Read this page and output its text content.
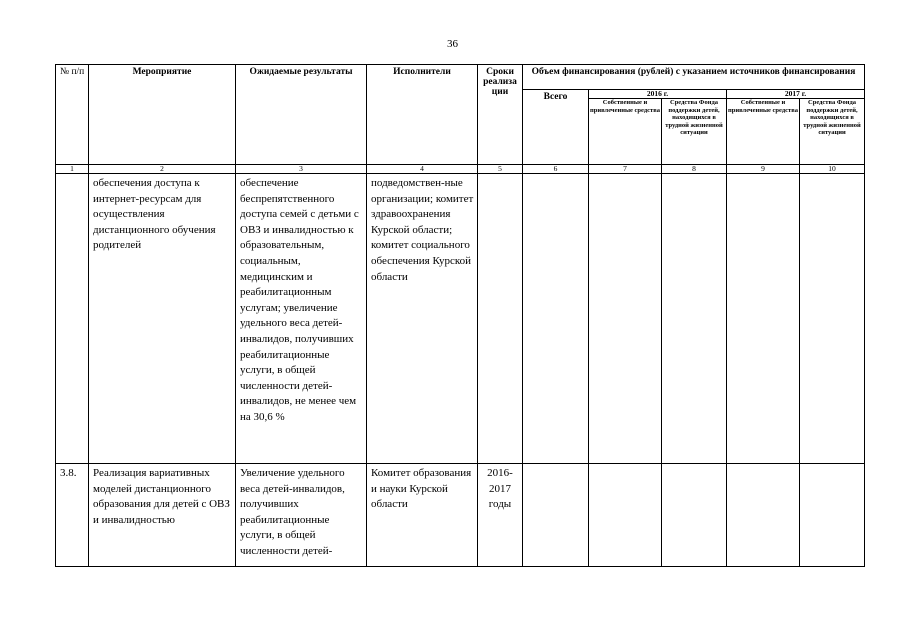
36
№ п/п	Мероприятие	Ожидаемые результаты	Исполнители	Сроки реализа ции	Объем финансирования (рублей) с указанием источников финансирования				
					Всего	2016 г.		2017 г.	
						Собственные и привлеченные средства	Средства Фонда поддержки детей, находящихся в трудной жизненной ситуации	Собственные и привлеченные средства	Средства Фонда поддержки детей, находящихся в трудной жизненной ситуации
1	2	3	4	5	6	7	8	9	10
	обеспечения доступа к интернет-ресурсам для осуществления дистанционного обучения родителей	обеспечение беспрепятственного доступа семей с детьми с ОВЗ и инвалидностью к образовательным, социальным, медицинским и реабилитационным услугам; увеличение удельного веса детей-инвалидов, получивших реабилитационные услуги, в общей численности детей-инвалидов, не менее чем на 30,6 %	подведомствен-ные организации; комитет здравоохранения Курской области; комитет социального обеспечения Курской области						
3.8.	Реализация вариативных моделей дистанционного образования для детей с ОВЗ и инвалидностью	Увеличение удельного веса детей-инвалидов, получивших реабилитационные услуги, в общей численности детей-	Комитет образования и науки Курской области	2016-2017 годы					
